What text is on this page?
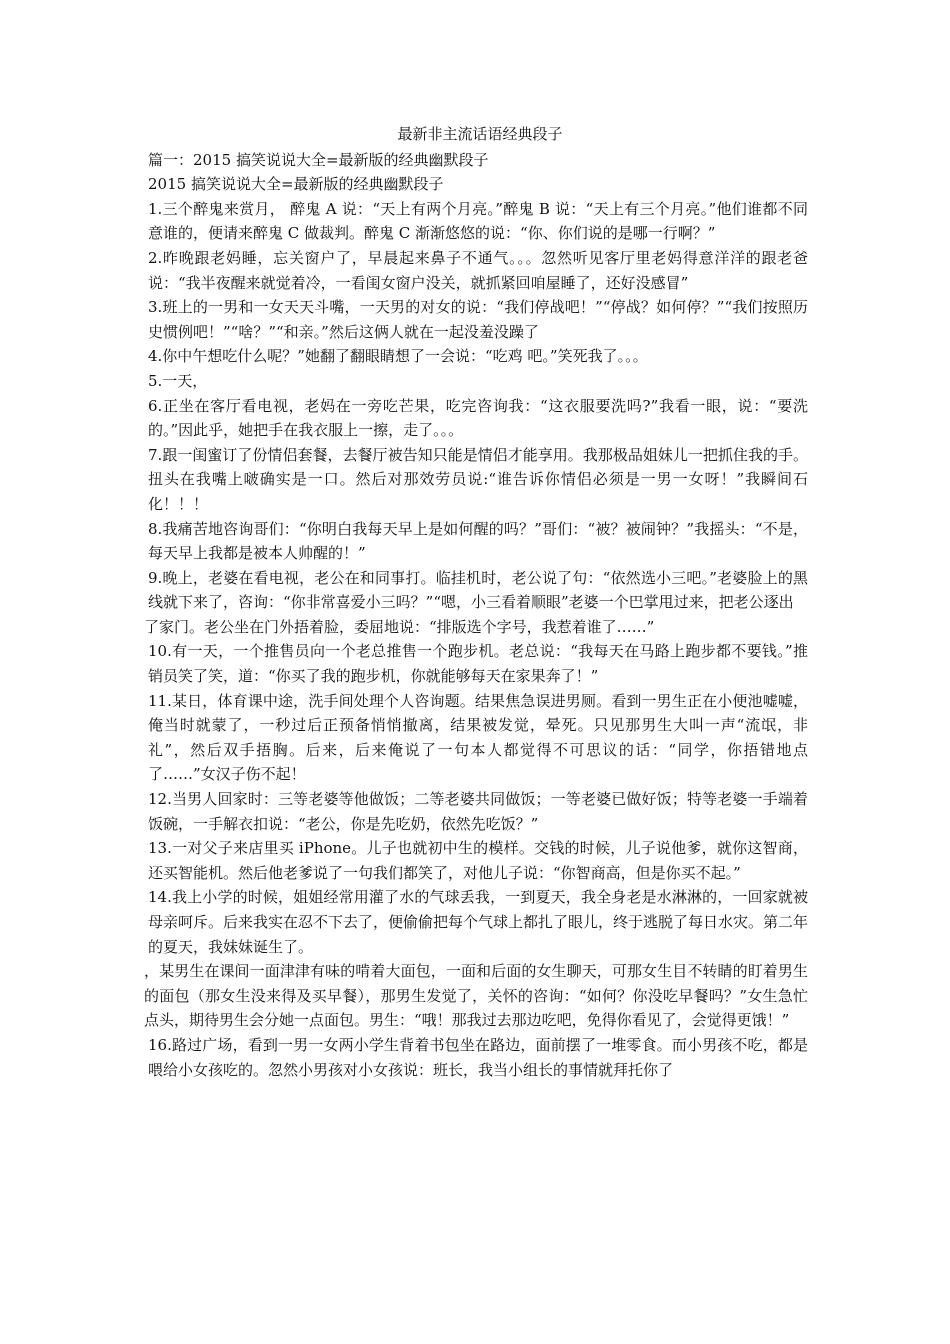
最新非主流话语经典段子

篇一：2015 搞笑说说大全=最新版的经典幽默段子

2015 搞笑说说大全=最新版的经典幽默段子

1.三个醉鬼来赏月， 醉鬼 A 说：“天上有两个月亮。”醉鬼 B 说：“天上有三个月亮。”他们谁都不同意谁的，便请来醉鬼 C 做裁判。醉鬼 C 渐渐悠悠的说：“你、你们说的是哪一行啊？”

2.昨晚跟老妈睡，忘关窗户了，早晨起来鼻子不通气。。。忽然听见客厅里老妈得意洋洋的跟老爸说：“我半夜醒来就觉着冷，一看闺女窗户没关，就抓紧回咱屋睡了，还好没感冒”

3.班上的一男和一女天天斗嘴，一天男的对女的说：“我们停战吧！”“停战？如何停？”“我们按照历史惯例吧！”“啥？”“和亲。”然后这俩人就在一起没羞没躁了

4.你中午想吃什么呢？”她翻了翻眼睛想了一会说：“吃鸡 吧。”笑死我了。。。

5.一天，

6.正坐在客厅看电视，老妈在一旁吃芒果，吃完咨询我：“这衣服要洗吗?”我看一眼，说：“要洗的。”因此乎，她把手在我衣服上一擦，走了。。。

7.跟一闺蜜订了份情侣套餐，去餐厅被告知只能是情侣才能享用。我那极品姐妹儿一把抓住我的手。扭头在我嘴上啵确实是一口。然后对那效劳员说:“谁告诉你情侣必须是一男一女呀！”我瞬间石化！！！

8.我痛苦地咨询哥们：“你明白我每天早上是如何醒的吗？”哥们：“被？被闹钟？”我摇头：“不是，每天早上我都是被本人帅醒的！”

9.晚上，老婆在看电视，老公在和同事打。临挂机时，老公说了句：“依然选小三吧。”老婆脸上的黑线就下来了，咨询：“你非常喜爱小三吗？”“嗯，小三看着顺眼”老婆一个巴掌甩过来，把老公逐出

了家门。老公坐在门外捂着脸，委屈地说：“排版选个字号，我惹着谁了……”

10.有一天，一个推售员向一个老总推售一个跑步机。老总说：“我每天在马路上跑步都不要钱。”推销员笑了笑，道：“你买了我的跑步机，你就能够每天在家果奔了！”

11.某日，体育课中途，洗手间处理个人咨询题。结果焦急误进男厕。看到一男生正在小便池嘘嘘，俺当时就蒙了，一秒过后正预备悄悄撤离，结果被发觉，晕死。只见那男生大叫一声“流氓，非礼”，然后双手捂胸。后来，后来俺说了一句本人都觉得不可思议的话：“同学，你捂错地点了……”女汉子伤不起！

12.当男人回家时：三等老婆等他做饭；二等老婆共同做饭；一等老婆已做好饭；特等老婆一手端着饭碗，一手解衣扣说：“老公，你是先吃奶，依然先吃饭？”

13.一对父子来店里买 iPhone。儿子也就初中生的模样。交钱的时候，儿子说他爹，就你这智商，还买智能机。然后他老爹说了一句我们都笑了，对他儿子说：“你智商高，但是你买不起。”

14.我上小学的时候，姐姐经常用灌了水的气球丢我，一到夏天，我全身老是水淋淋的，一回家就被母亲呵斥。后来我实在忍不下去了，便偷偷把每个气球上都扎了眼儿，终于逃脱了每日水灾。第二年的夏天，我妹妹诞生了。

，某男生在课间一面津津有味的啃着大面包，一面和后面的女生聊天，可那女生目不转睛的盯着男生的面包（那女生没来得及买早餐），那男生发觉了，关怀的咨询：“如何？你没吃早餐吗？”女生急忙点头，期待男生会分她一点面包。男生：“哦！那我过去那边吃吧，免得你看见了，会觉得更饿！”

16.路过广场，看到一男一女两小学生背着书包坐在路边，面前摆了一堆零食。而小男孩不吃，都是喂给小女孩吃的。忽然小男孩对小女孩说：班长，我当小组长的事情就拜托你了
